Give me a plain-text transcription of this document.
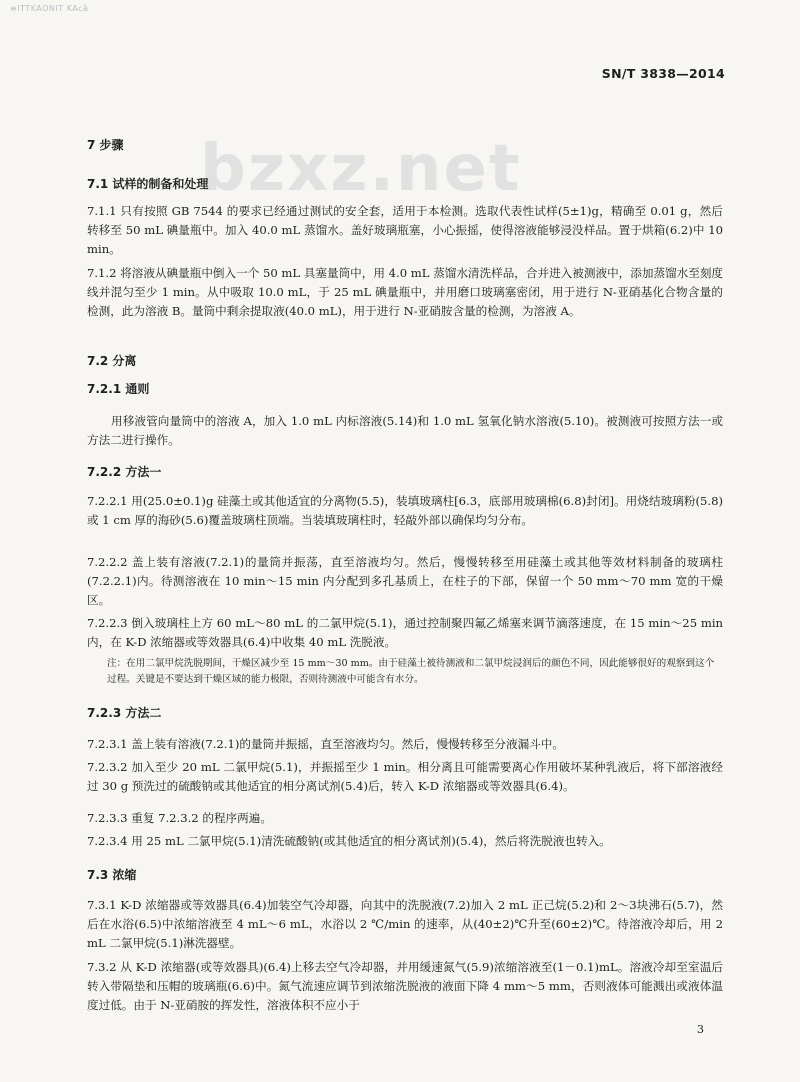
≡ITTKAONIT KAcâ
SN/T 3838—2014
bzxz.net
7 步骤
7.1 试样的制备和处理
7.1.1 只有按照 GB 7544 的要求已经通过测试的安全套，适用于本检测。选取代表性试样(5±1)g，精确至 0.01 g，然后转移至 50 mL 碘量瓶中。加入 40.0 mL 蒸馏水。盖好玻璃瓶塞，小心振摇，使得溶液能够浸没样品。置于烘箱(6.2)中 10 min。
7.1.2 将溶液从碘量瓶中倒入一个 50 mL 具塞量筒中，用 4.0 mL 蒸馏水清洗样品，合并进入被测液中，添加蒸馏水至刻度线并混匀至少 1 min。从中吸取 10.0 mL，于 25 mL 碘量瓶中，并用磨口玻璃塞密闭，用于进行 N-亚硝基化合物含量的检测，此为溶液 B。量筒中剩余提取液(40.0 mL)，用于进行 N-亚硝胺含量的检测，为溶液 A。
7.2 分离
7.2.1 通则
用移液管向量筒中的溶液 A，加入 1.0 mL 内标溶液(5.14)和 1.0 mL 氢氧化钠水溶液(5.10)。被测液可按照方法一或方法二进行操作。
7.2.2 方法一
7.2.2.1 用(25.0±0.1)g 硅藻土或其他适宜的分离物(5.5)，装填玻璃柱[6.3，底部用玻璃棉(6.8)封闭]。用烧结玻璃粉(5.8)或 1 cm 厚的海砂(5.6)覆盖玻璃柱顶端。当装填玻璃柱时，轻敲外部以确保均匀分布。
7.2.2.2 盖上装有溶液(7.2.1)的量筒并振荡，直至溶液均匀。然后，慢慢转移至用硅藻土或其他等效材料制备的玻璃柱(7.2.2.1)内。待测溶液在 10 min～15 min 内分配到多孔基质上，在柱子的下部，保留一个 50 mm～70 mm 宽的干燥区。
7.2.2.3 倒入玻璃柱上方 60 mL～80 mL 的二氯甲烷(5.1)，通过控制聚四氟乙烯塞来调节滴落速度，在 15 min～25 min 内，在 K-D 浓缩器或等效器具(6.4)中收集 40 mL 洗脱液。
注：在用二氯甲烷洗脱期间，干燥区减少至 15 mm～30 mm。由于硅藻土被待测液和二氯甲烷浸润后的颜色不同，因此能够很好的观察到这个过程。关键是不要达到干燥区域的能力极限，否则待测液中可能含有水分。
7.2.3 方法二
7.2.3.1 盖上装有溶液(7.2.1)的量筒并振摇，直至溶液均匀。然后，慢慢转移至分液漏斗中。
7.2.3.2 加入至少 20 mL 二氯甲烷(5.1)，并振摇至少 1 min。相分离且可能需要离心作用破坏某种乳液后，将下部溶液经过 30 g 预洗过的硫酸钠或其他适宜的相分离试剂(5.4)后，转入 K-D 浓缩器或等效器具(6.4)。
7.2.3.3 重复 7.2.3.2 的程序两遍。
7.2.3.4 用 25 mL 二氯甲烷(5.1)清洗硫酸钠(或其他适宜的相分离试剂)(5.4)，然后将洗脱液也转入。
7.3 浓缩
7.3.1 K-D 浓缩器或等效器具(6.4)加装空气冷却器，向其中的洗脱液(7.2)加入 2 mL 正己烷(5.2)和 2～3块沸石(5.7)，然后在水浴(6.5)中浓缩溶液至 4 mL～6 mL，水浴以 2 ℃/min 的速率，从(40±2)℃升至(60±2)℃。待溶液冷却后，用 2 mL 二氯甲烷(5.1)淋洗器壁。
7.3.2 从 K-D 浓缩器(或等效器具)(6.4)上移去空气冷却器，并用缓速氮气(5.9)浓缩溶液至(1－0.1)mL。溶液冷却至室温后转入带隔垫和压帽的玻璃瓶(6.6)中。氮气流速应调节到浓缩洗脱液的液面下降 4 mm～5 mm，否则液体可能溅出或液体温度过低。由于 N-亚硝胺的挥发性，溶液体积不应小于
3
